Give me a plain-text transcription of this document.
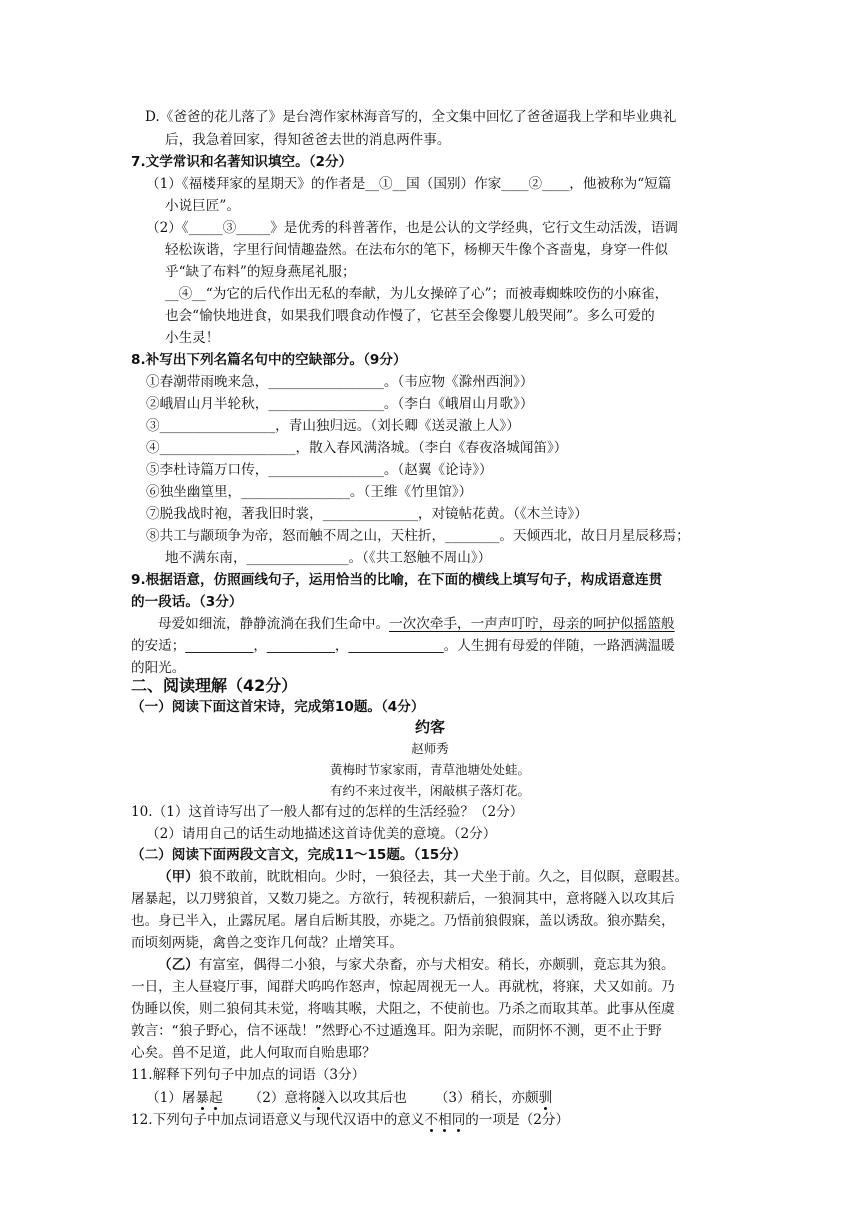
D.《爸爸的花儿落了》是台湾作家林海音写的，全文集中回忆了爸爸逼我上学和毕业典礼
后，我急着回家，得知爸爸去世的消息两件事。
7.文学常识和名著知识填空。（2分）
（1）《福楼拜家的星期天》的作者是__①__国（国别）作家____②____，他被称为“短篇
小说巨匠”。
（2）《_____③_____》是优秀的科普著作，也是公认的文学经典，它行文生动活泼，语调
轻松诙谐，字里行间情趣盎然。在法布尔的笔下，杨柳天牛像个吝啬鬼，身穿一件似
乎“缺了布料”的短身燕尾礼服；
__④__“为它的后代作出无私的奉献，为儿女操碎了心”；而被毒蜘蛛咬伤的小麻雀，
也会“愉快地进食，如果我们喂食动作慢了，它甚至会像婴儿般哭闹”。多么可爱的
小生灵！
8.补写出下列名篇名句中的空缺部分。（9分）
①春潮带雨晚来急，_________________。（韦应物《滁州西涧》）
②峨眉山月半轮秋，_________________。（李白《峨眉山月歌》）
③_________________，青山独归远。（刘长卿《送灵澈上人》）
④____________________，散入春风满洛城。（李白《春夜洛城闻笛》）
⑤李杜诗篇万口传，_________________。（赵翼《论诗》）
⑥独坐幽篁里，________________。（王维《竹里馆》）
⑦脱我战时袍，著我旧时裳，______________，对镜帖花黄。（《木兰诗》）
⑧共工与颛顼争为帝，怒而触不周之山，天柱折，________。天倾西北，故日月星辰移焉；
地不满东南，_______________。（《共工怒触不周山》）
9.根据语意，仿照画线句子，运用恰当的比喻，在下面的横线上填写句子，构成语意连贯
的一段话。（3分）
母爱如细流，静静流淌在我们生命中。一次次牵手，一声声叮咛，母亲的呵护似摇篮般
的安适；__________，__________，______________。人生拥有母爱的伴随，一路洒满温暖
的阳光。
二、阅读理解（42分）
（一）阅读下面这首宋诗，完成第10题。（4分）
约客
赵师秀
黄梅时节家家雨，青草池塘处处蛙。
有约不来过夜半，闲敲棋子落灯花。
10.（1）这首诗写出了一般人都有过的怎样的生活经验？（2分）
（2）请用自己的话生动地描述这首诗优美的意境。（2分）
（二）阅读下面两段文言文，完成11～15题。（15分）
（甲）狼不敢前，眈眈相向。少时，一狼径去，其一犬坐于前。久之，目似瞑，意暇甚。
屠暴起，以刀劈狼首，又数刀毙之。方欲行，转视积薪后，一狼洞其中，意将隧入以攻其后
也。身已半入，止露尻尾。屠自后断其股，亦毙之。乃悟前狼假寐，盖以诱敌。狼亦黠矣，
而顷刻两毙，禽兽之变诈几何哉？止增笑耳。
（乙）有富室，偶得二小狼，与家犬杂畜，亦与犬相安。稍长，亦颇驯，竟忘其为狼。
一日，主人昼寝厅事，闻群犬呜呜作怒声，惊起周视无一人。再就枕，将寐，犬又如前。乃
伪睡以俟，则二狼伺其未觉，将啮其喉，犬阻之，不使前也。乃杀之而取其革。此事从侄虞
敦言：“狼子野心，信不诬哉！”然野心不过遁逸耳。阳为亲昵，而阴怀不测，更不止于野
心矣。兽不足道，此人何取而自贻患耶？
11.解释下列句子中加点的词语（3分）
（1）屠暴起 （2）意将隧入以攻其后也 （3）稍长，亦颇驯
12.下列句子中加点词语意义与现代汉语中的意义不相同的一项是（2分）
